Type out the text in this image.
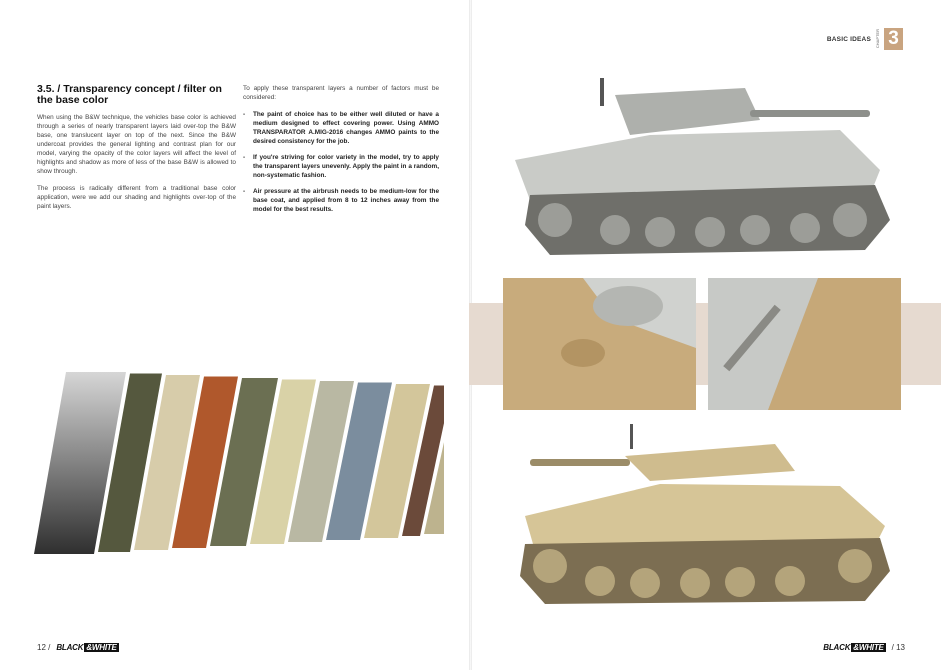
BASIC IDEAS CHAPTER 3
3.5. / Transparency concept / filter on the base color

When using the B&W technique, the vehicles base color is achieved through a series of nearly transparent layers laid over-top the B&W base, one translucent layer on top of the next. Since the B&W undercoat provides the general lighting and contrast plan for our model, varying the opacity of the color layers will affect the level of highlights and shadow as more of less of the base B&W is allowed to show through.

The process is radically different from a traditional base color application, were we add our shading and highlights over-top of the paint layers.

To apply these transparent layers a number of factors must be considered:

- The paint of choice has to be either well diluted or have a medium designed to effect covering power. Using AMMO TRANSPARATOR A.MIG-2016 changes AMMO paints to the desired consistency for the job.
- If you're striving for color variety in the model, try to apply the transparent layers unevenly. Apply the paint in a random, non-systematic fashion.
- Air pressure at the airbrush needs to be medium-low for the base coat, and applied from 8 to 12 inches away from the model for the best results.
12 / BLACK &WHITE	BLACK &WHITE / 13
